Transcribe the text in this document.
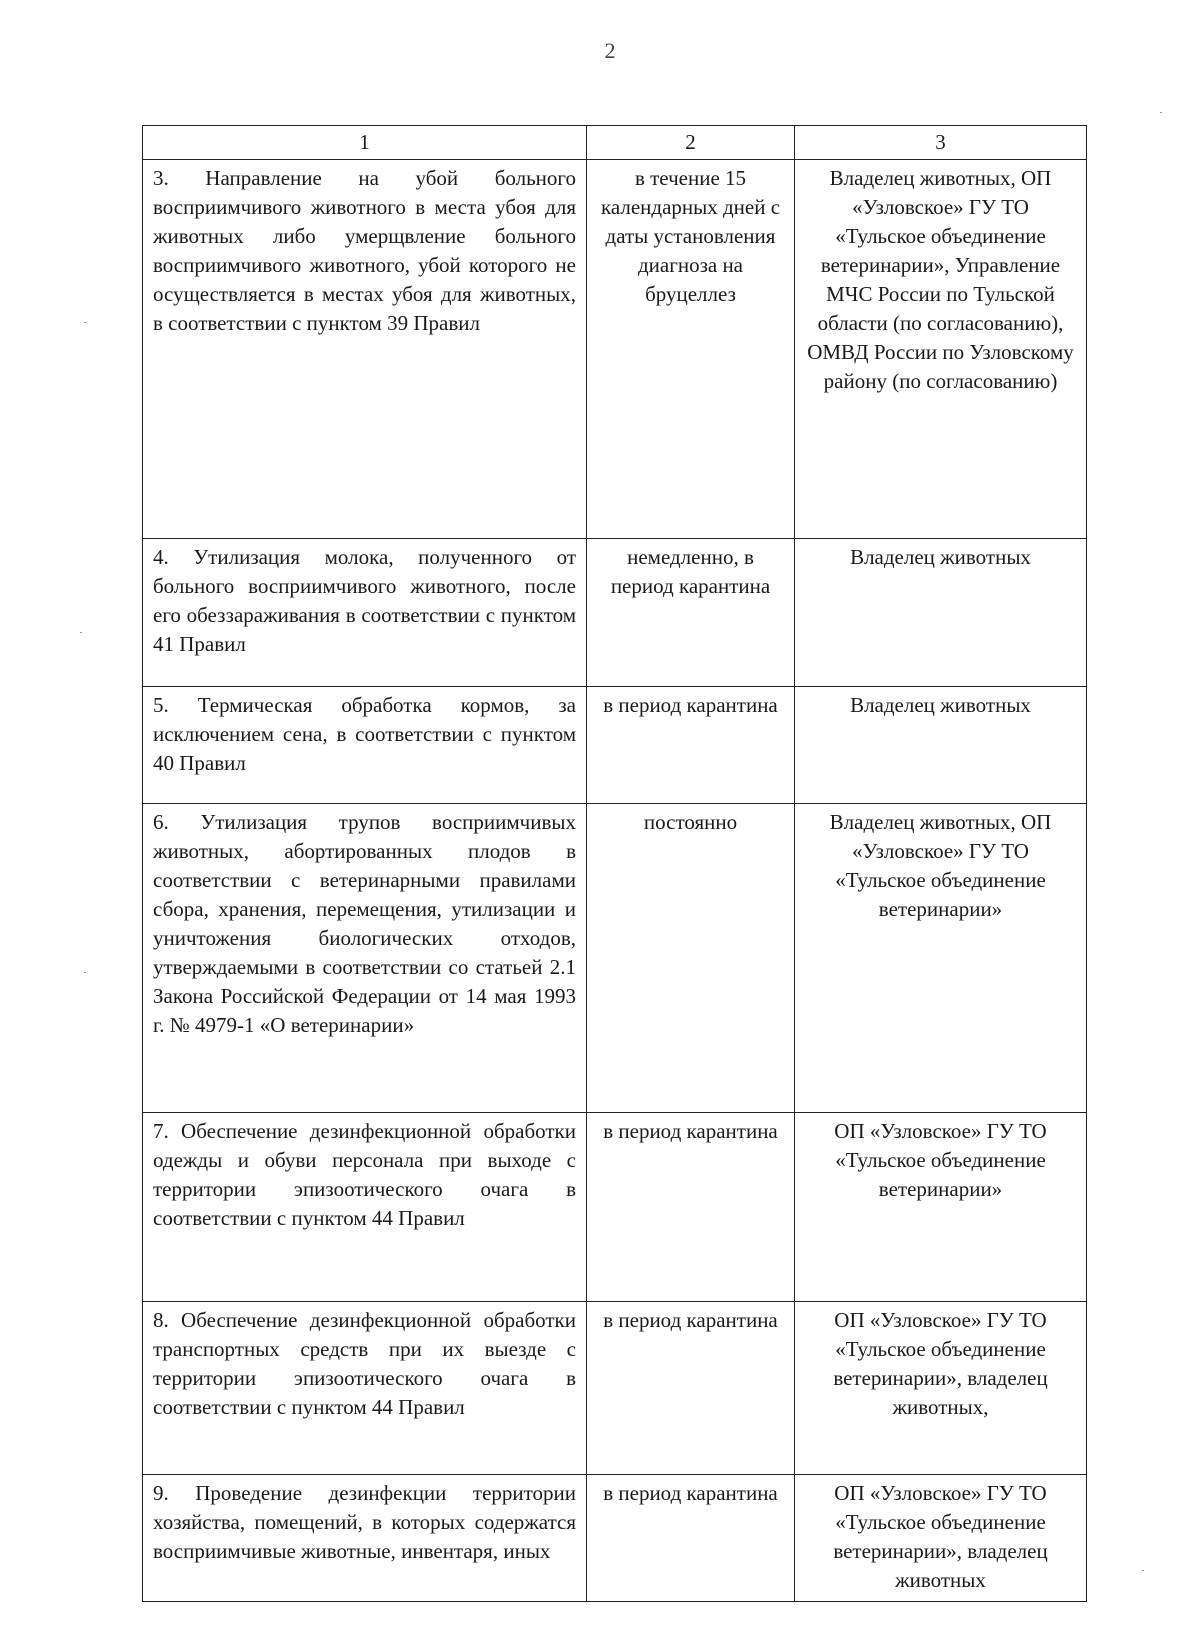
2
1	2	3
3. Направление на убой больного восприимчивого животного в места убоя для животных либо умерщвление больного восприимчивого животного, убой которого не осуществляется в местах убоя для животных, в соответствии с пунктом 39 Правил	в течение 15 календарных дней с даты установления диагноза на бруцеллез	Владелец животных, ОП «Узловское» ГУ ТО «Тульское объединение ветеринарии», Управление МЧС России по Тульской области (по согласованию), ОМВД России по Узловскому району (по согласованию)
4. Утилизация молока, полученного от больного восприимчивого животного, после его обеззараживания в соответствии с пунктом 41 Правил	немедленно, в период карантина	Владелец животных
5. Термическая обработка кормов, за исключением сена, в соответствии с пунктом 40 Правил	в период карантина	Владелец животных
6. Утилизация трупов восприимчивых животных, абортированных плодов в соответствии с ветеринарными правилами сбора, хранения, перемещения, утилизации и уничтожения биологических отходов, утверждаемыми в соответствии со статьей 2.1 Закона Российской Федерации от 14 мая 1993 г. № 4979-1 «О ветеринарии»	постоянно	Владелец животных, ОП «Узловское» ГУ ТО «Тульское объединение ветеринарии»
7. Обеспечение дезинфекционной обработки одежды и обуви персонала при выходе с территории эпизоотического очага в соответствии с пунктом 44 Правил	в период карантина	ОП «Узловское» ГУ ТО «Тульское объединение ветеринарии»
8. Обеспечение дезинфекционной обработки транспортных средств при их выезде с территории эпизоотического очага в соответствии с пунктом 44 Правил	в период карантина	ОП «Узловское» ГУ ТО «Тульское объединение ветеринарии», владелец животных,
9. Проведение дезинфекции территории хозяйства, помещений, в которых содержатся восприимчивые животные, инвентаря, иных	в период карантина	ОП «Узловское» ГУ ТО «Тульское объединение ветеринарии», владелец животных
